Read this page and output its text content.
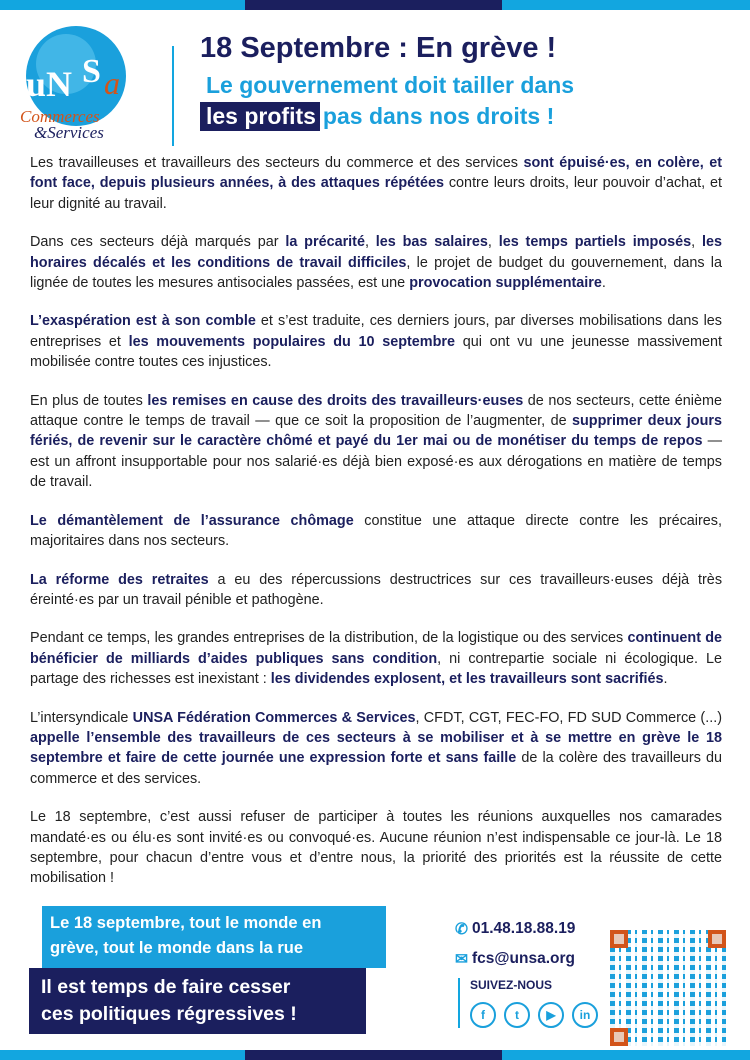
uN S a
Commerces
&Services
18 Septembre : En grève !
Le gouvernement doit tailler dans
les profits pas dans nos droits !

Les travailleuses et travailleurs des secteurs du commerce et des services sont épuisé·es, en colère, et font face, depuis plusieurs années, à des attaques répétées contre leurs droits, leur pouvoir d’achat, et leur dignité au travail.

Dans ces secteurs déjà marqués par la précarité, les bas salaires, les temps partiels imposés, les horaires décalés et les conditions de travail difficiles, le projet de budget du gouvernement, dans la lignée de toutes les mesures antisociales passées, est une provocation supplémentaire.

L’exaspération est à son comble et s’est traduite, ces derniers jours, par diverses mobilisations dans les entreprises et les mouvements populaires du 10 septembre qui ont vu une jeunesse massivement mobilisée contre toutes ces injustices.

En plus de toutes les remises en cause des droits des travailleurs·euses de nos secteurs, cette énième attaque contre le temps de travail — que ce soit la proposition de l’augmenter, de supprimer deux jours fériés, de revenir sur le caractère chômé et payé du 1er mai ou de monétiser du temps de repos — est un affront insupportable pour nos salarié·es déjà bien exposé·es aux dérogations en matière de temps de travail.

Le démantèlement de l’assurance chômage constitue une attaque directe contre les précaires, majoritaires dans nos secteurs.

La réforme des retraites a eu des répercussions destructrices sur ces travailleurs·euses déjà très éreinté·es par un travail pénible et pathogène.

Pendant ce temps, les grandes entreprises de la distribution, de la logistique ou des services continuent de bénéficier de milliards d’aides publiques sans condition, ni contrepartie sociale ni écologique. Le partage des richesses est inexistant : les dividendes explosent, et les travailleurs sont sacrifiés.

L’intersyndicale UNSA Fédération Commerces & Services, CFDT, CGT, FEC-FO, FD SUD Commerce (...) appelle l’ensemble des travailleurs de ces secteurs à se mobiliser et à se mettre en grève le 18 septembre et faire de cette journée une expression forte et sans faille de la colère des travailleurs du commerce et des services.

Le 18 septembre, c’est aussi refuser de participer à toutes les réunions auxquelles nos camarades mandaté·es ou élu·es sont invité·es ou convoqué·es. Aucune réunion n’est indispensable ce jour-là. Le 18 septembre, pour chacun d’entre vous et d’entre nous, la priorité des priorités est la réussite de cette mobilisation !

Le 18 septembre, tout le monde en
grève, tout le monde dans la rue
Il est temps de faire cesser
ces politiques régressives !
✆ 01.48.18.88.19
✉ fcs@unsa.org
SUIVEZ-NOUS
f	t	▶	in
